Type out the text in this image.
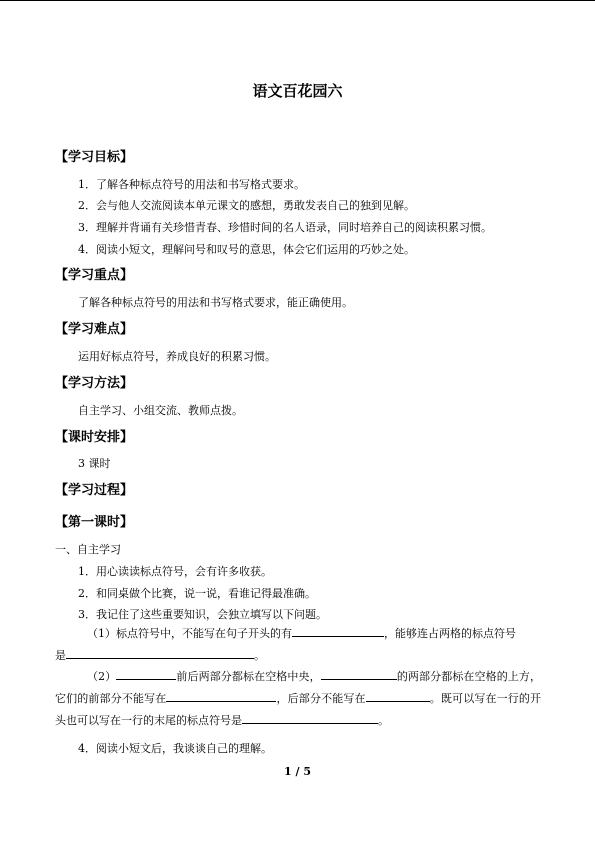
语文百花园六
【学习目标】
1．了解各种标点符号的用法和书写格式要求。
2．会与他人交流阅读本单元课文的感想，勇敢发表自己的独到见解。
3．理解并背诵有关珍惜青春、珍惜时间的名人语录，同时培养自己的阅读积累习惯。
4．阅读小短文，理解问号和叹号的意思，体会它们运用的巧妙之处。
【学习重点】
了解各种标点符号的用法和书写格式要求，能正确使用。
【学习难点】
运用好标点符号，养成良好的积累习惯。
【学习方法】
自主学习、小组交流、教师点拨。
【课时安排】
3 课时
【学习过程】
【第一课时】
一、自主学习
1．用心读读标点符号，会有许多收获。
2．和同桌做个比赛，说一说，看谁记得最准确。
3．我记住了这些重要知识，会独立填写以下问题。
（1）标点符号中，不能写在句子开头的有	，能够连占两格的标点符号
是	。
（2）	前后两部分都标在空格中央，	的两部分都标在空格的上方，它们的前部分不能写在	，后部分不能写在	。既可以写在一行的开头也可以写在一行的末尾的标点符号是	。
4．阅读小短文后，我谈谈自己的理解。
1 / 5
